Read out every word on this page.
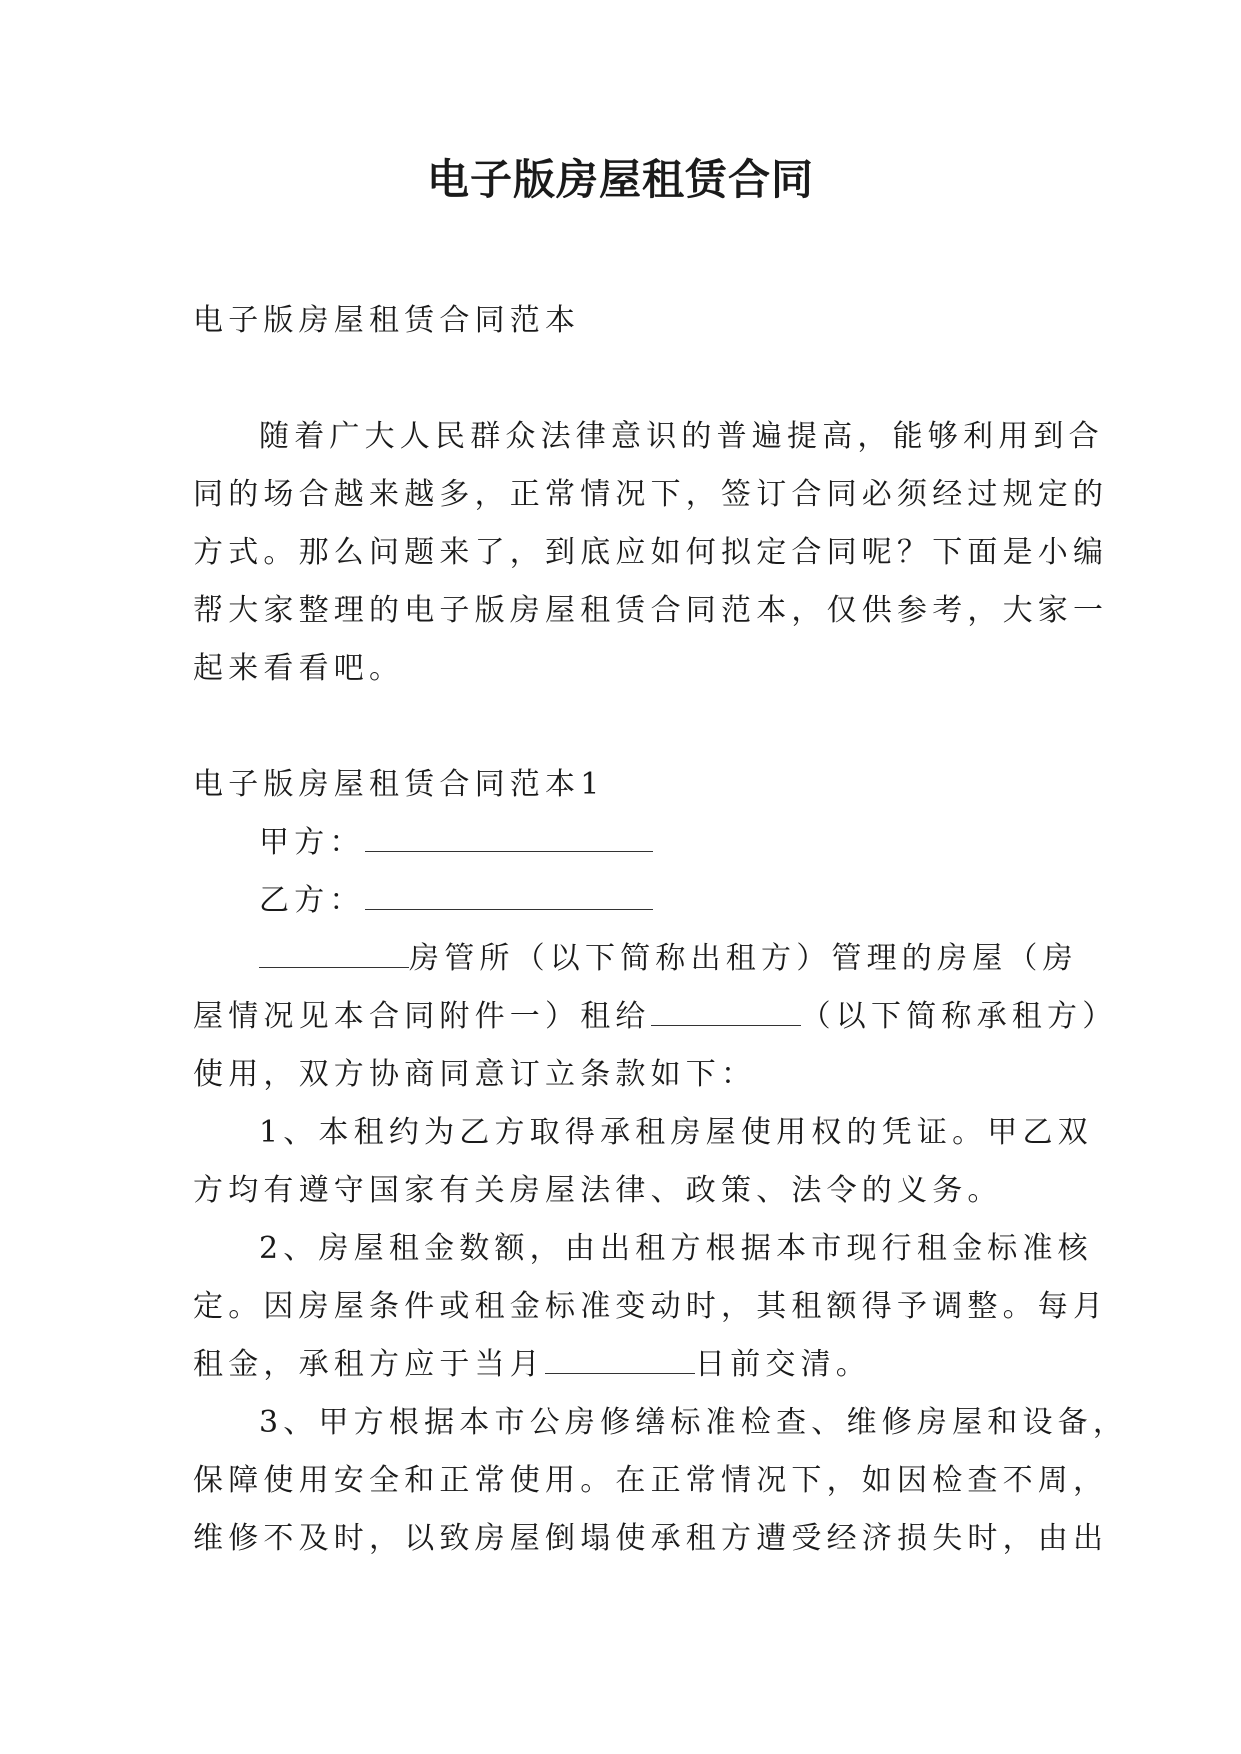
电子版房屋租赁合同
电子版房屋租赁合同范本
随着广大人民群众法律意识的普遍提高，能够利用到合
同的场合越来越多，正常情况下，签订合同必须经过规定的
方式。那么问题来了，到底应如何拟定合同呢？下面是小编
帮大家整理的电子版房屋租赁合同范本，仅供参考，大家一
起来看看吧。
电子版房屋租赁合同范本1
甲方：
乙方：
房管所（以下简称出租方）管理的房屋（房
屋情况见本合同附件一）租给	（以下简称承租方）
使用，双方协商同意订立条款如下：
1、本租约为乙方取得承租房屋使用权的凭证。甲乙双
方均有遵守国家有关房屋法律、政策、法令的义务。
2、房屋租金数额，由出租方根据本市现行租金标准核
定。因房屋条件或租金标准变动时，其租额得予调整。每月
租金，承租方应于当月	日前交清。
3、甲方根据本市公房修缮标准检查、维修房屋和设备，
保障使用安全和正常使用。在正常情况下，如因检查不周，
维修不及时，以致房屋倒塌使承租方遭受经济损失时，由出
